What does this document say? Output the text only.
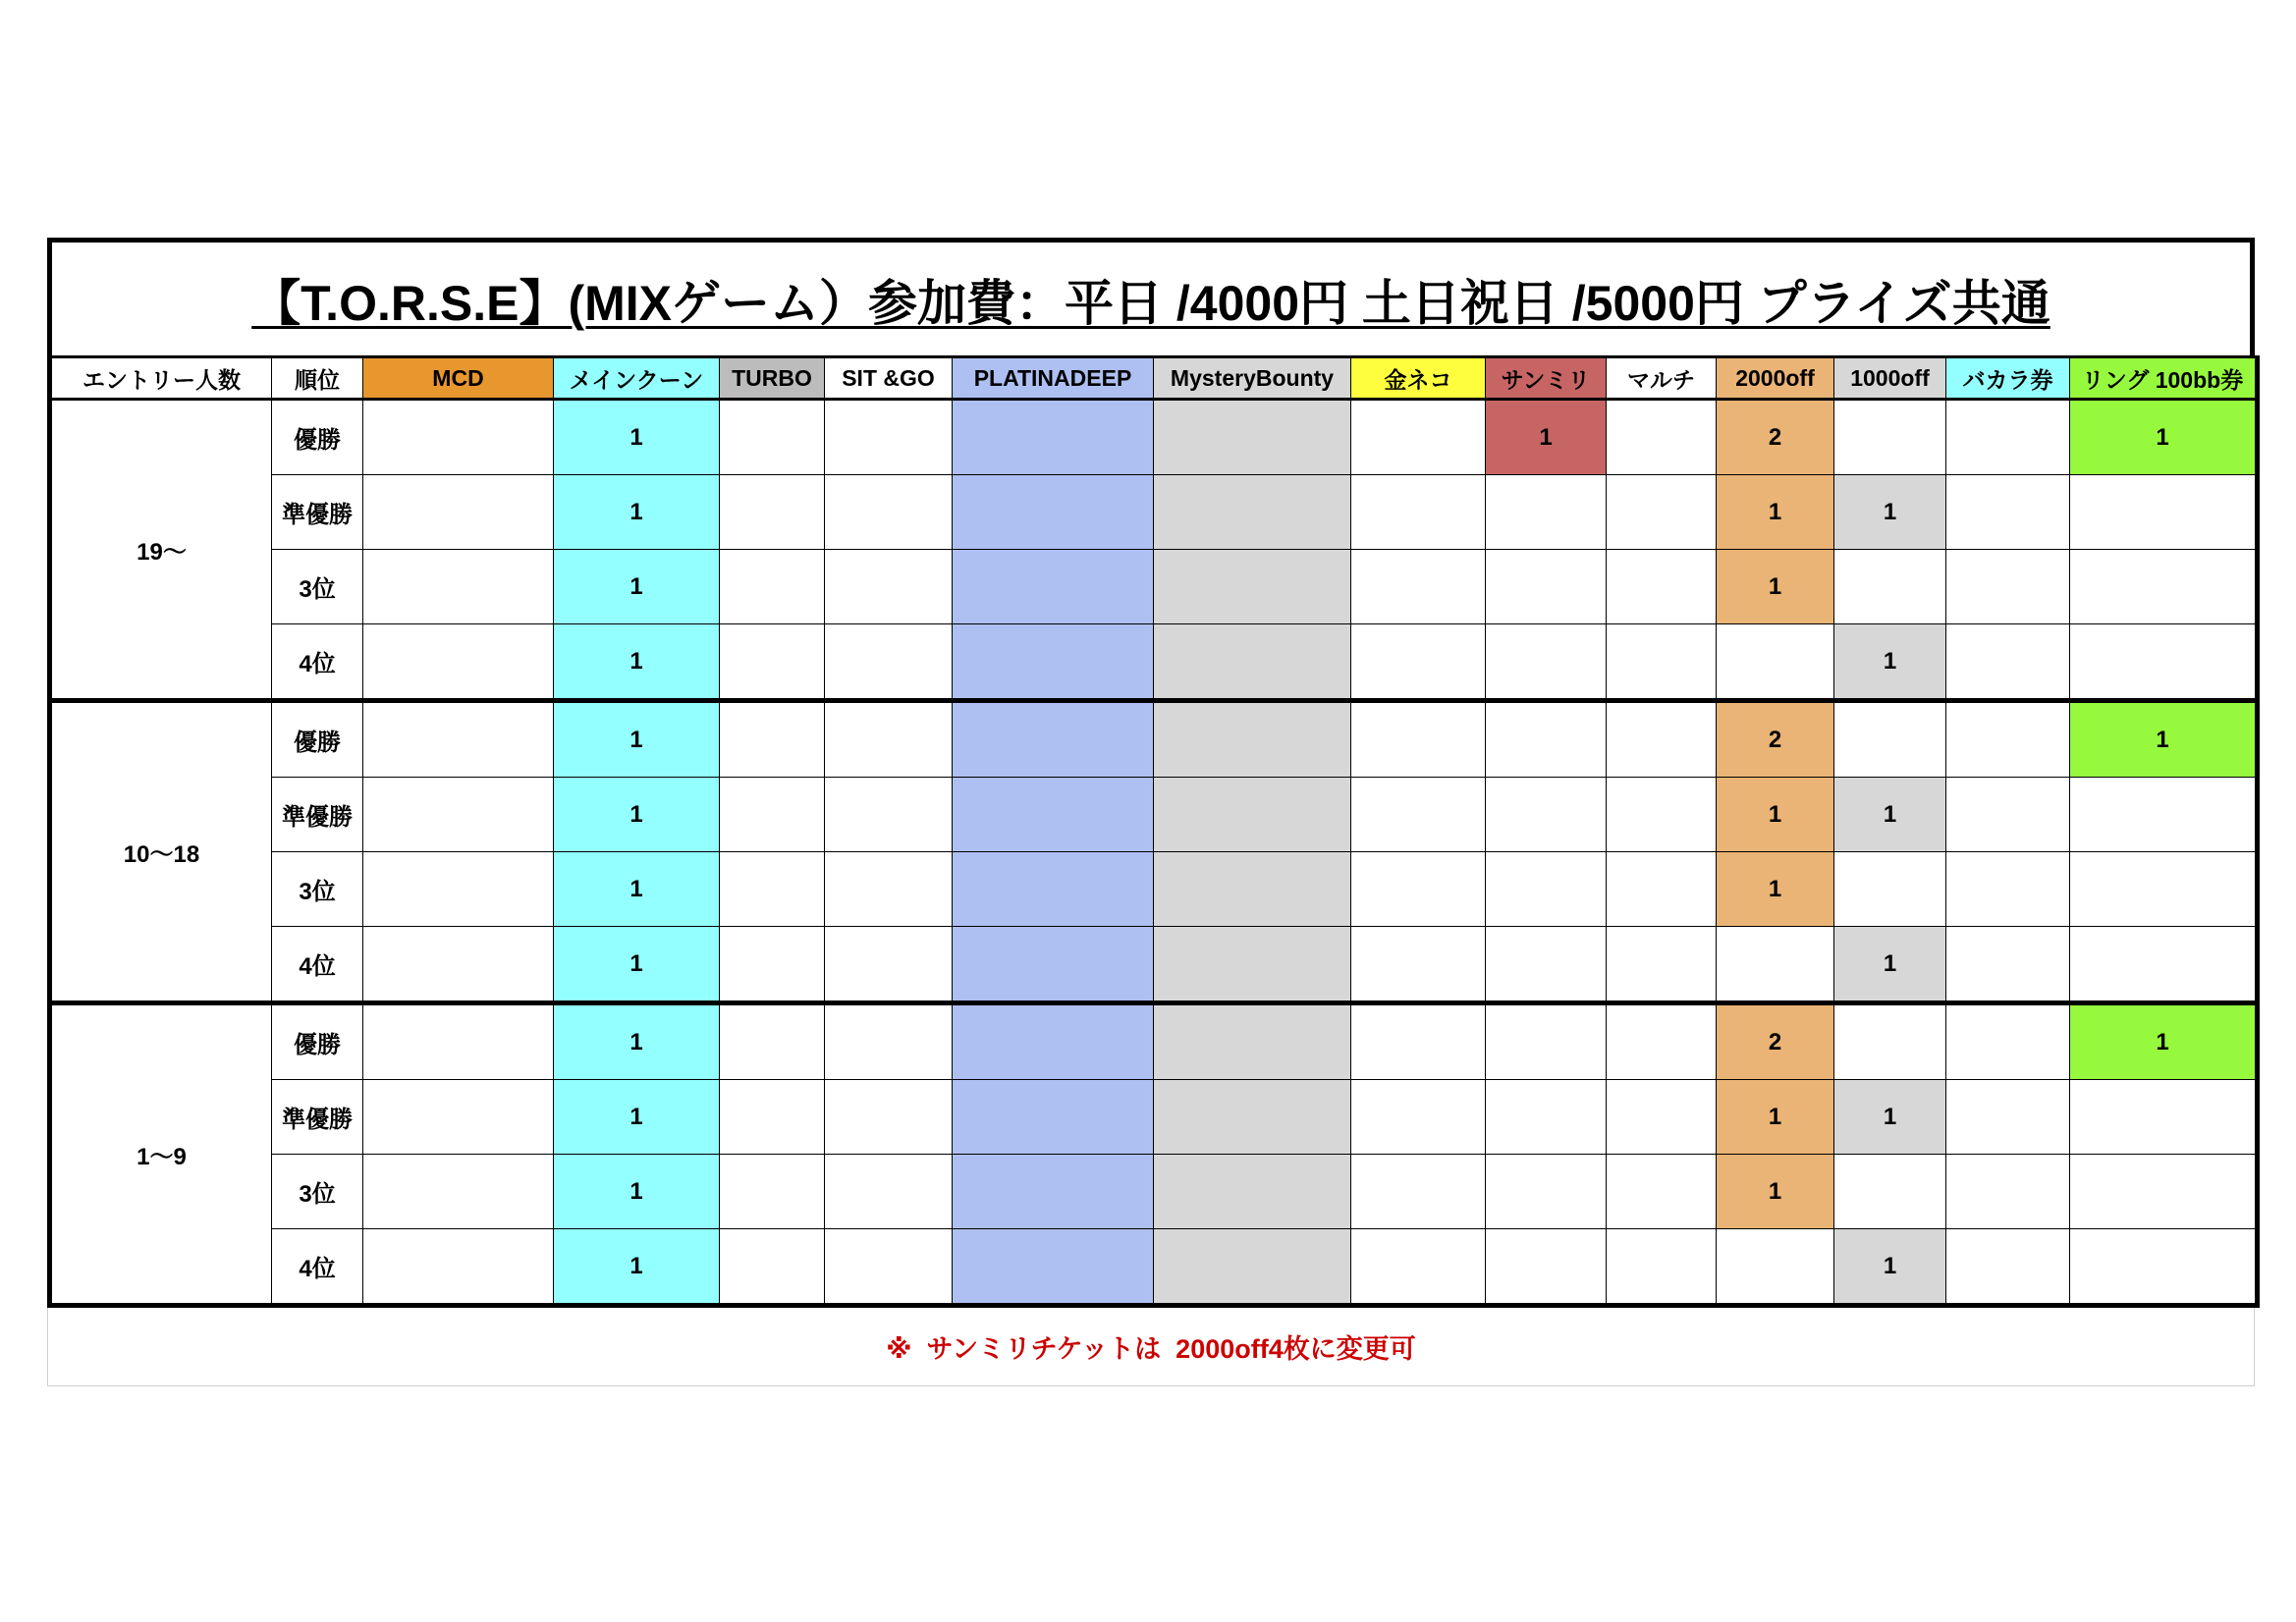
【T.O.R.S.E】(MIXゲーム）参加費：平日 /4000円 土日祝日 /5000円 プライズ共通
エントリー人数	順位	MCD	メインクーン	TURBO	SIT &GO	PLATINADEEP	MysteryBounty	金ネコ	サンミリ	マルチ	2000off	1000off	バカラ券	リング 100bb券
19～	優勝		1						1		2			1
	準優勝		1								1	1		
	3位		1								1			
	4位		1									1		
10～18	優勝		1								2			1
	準優勝		1								1	1		
	3位		1								1			
	4位		1									1		
1～9	優勝		1								2			1
	準優勝		1								1	1		
	3位		1								1			
	4位		1									1		
※  サンミリチケットは  2000off4枚に変更可
